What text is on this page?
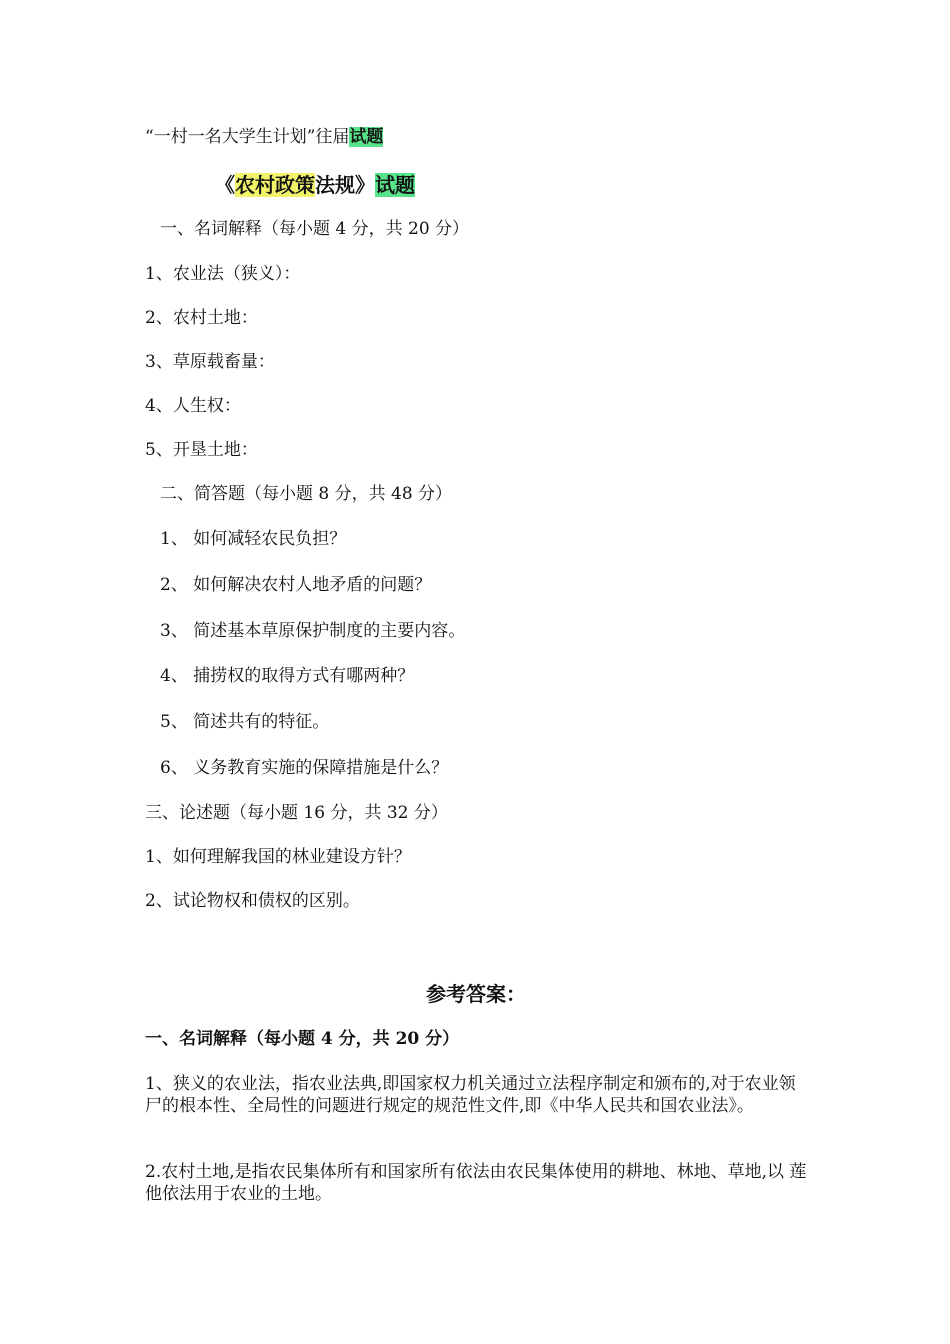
“一村一名大学生计划”往届试题
《农村政策法规》试题
一、名词解释（每小题 4 分，共 20 分）
1、农业法（狭义）：
2、农村土地：
3、草原载畜量：
4、人生权：
5、开垦土地：
二、简答题（每小题 8 分，共 48 分）
1、 如何减轻农民负担？
2、 如何解决农村人地矛盾的问题？
3、 简述基本草原保护制度的主要内容。
4、 捕捞权的取得方式有哪两种？
5、 简述共有的特征。
6、 义务教育实施的保障措施是什么？
三、论述题（每小题 16 分，共 32 分）
1、如何理解我国的林业建设方针？
2、试论物权和债权的区别。
参考答案：
一、名词解释（每小题 4 分，共 20 分）
1、狭义的农业法，指农业法典,即国家权力机关通过立法程序制定和颁布的,对于农业领 尸的根本性、全局性的问题进行规定的规范性文件,即《中华人民共和国农业法》。
2.农村土地,是指农民集体所有和国家所有依法由农民集体使用的耕地、林地、草地,以 莲他依法用于农业的土地。
